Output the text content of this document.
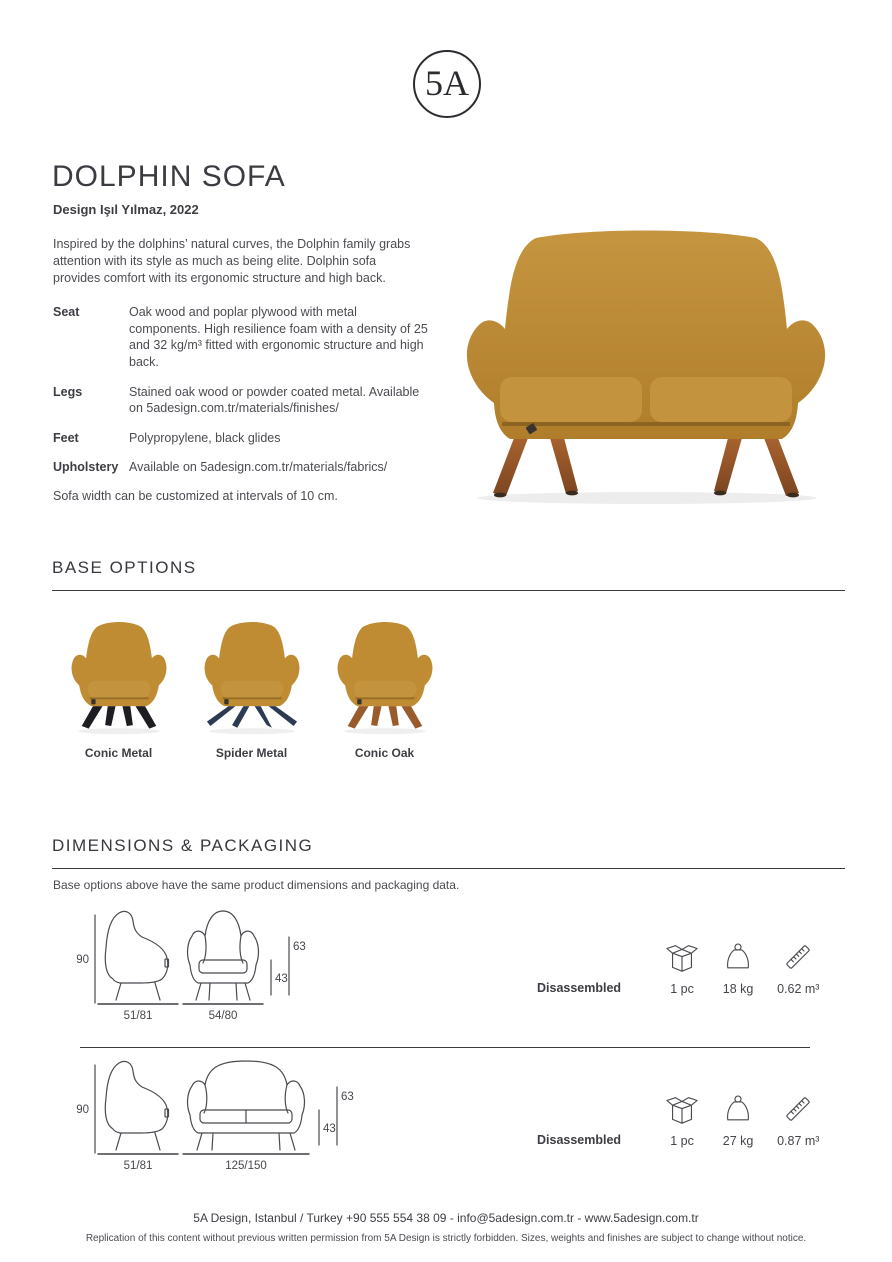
5A
DOLPHIN SOFA
Design Işıl Yılmaz, 2022

Inspired by the dolphins’ natural curves, the Dolphin family grabs attention with its style as much as being elite. Dolphin sofa provides comfort with its ergonomic structure and high back.

Seat	Oak wood and poplar plywood with metal components. High resilience foam with a density of 25 and 32 kg/m³ fitted with ergonomic structure and high back.
Legs	Stained oak wood or powder coated metal. Available on 5adesign.com.tr/materials/finishes/
Feet	Polypropylene, black glides
Upholstery Available on 5adesign.com.tr/materials/fabrics/
Sofa width can be customized at intervals of 10 cm.
BASE OPTIONS
Conic Metal	Spider Metal	Conic Oak
DIMENSIONS & PACKAGING
Base options above have the same product dimensions and packaging data.
90
51/81	54/80
43
63
Disassembled	1 pc 18 kg 0.62 m³
90
51/81	125/150
43
63
Disassembled	1 pc 27 kg 0.87 m³
5A Design, Istanbul / Turkey +90 555 554 38 09 - info@5adesign.com.tr - www.5adesign.com.tr
Replication of this content without previous written permission from 5A Design is strictly forbidden. Sizes, weights and finishes are subject to change without notice.
